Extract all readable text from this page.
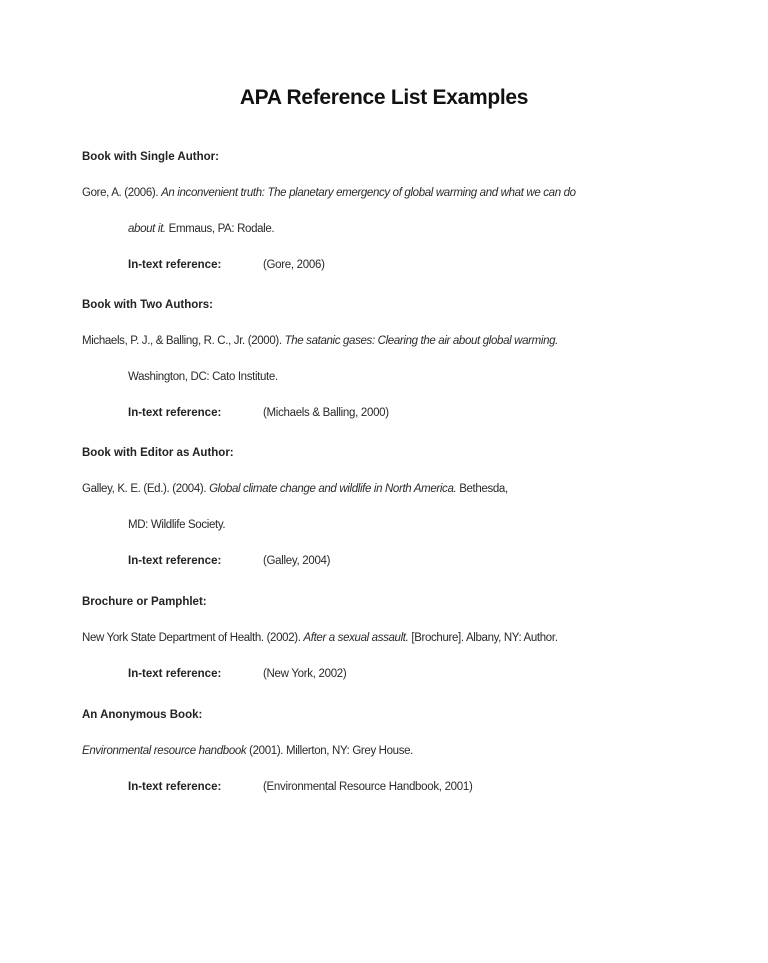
APA Reference List Examples
Book with Single Author:
Gore, A. (2006). An inconvenient truth: The planetary emergency of global warming and what we can do
about it. Emmaus, PA: Rodale.
In-text reference:	(Gore, 2006)
Book with Two Authors:
Michaels, P. J., & Balling, R. C., Jr. (2000). The satanic gases: Clearing the air about global warming.
Washington, DC: Cato Institute.
In-text reference:	(Michaels & Balling, 2000)
Book with Editor as Author:
Galley, K. E. (Ed.). (2004). Global climate change and wildlife in North America. Bethesda,
MD: Wildlife Society.
In-text reference:	(Galley, 2004)
Brochure or Pamphlet:
New York State Department of Health. (2002). After a sexual assault. [Brochure]. Albany, NY: Author.
In-text reference:	(New York, 2002)
An Anonymous Book:
Environmental resource handbook (2001). Millerton, NY: Grey House.
In-text reference:	(Environmental Resource Handbook, 2001)
